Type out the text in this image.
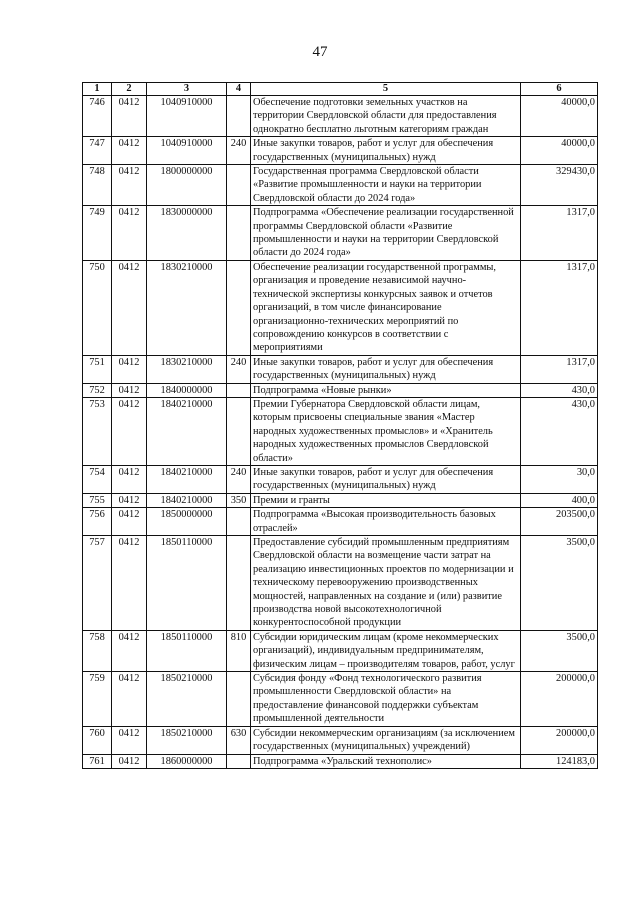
47
1	2	3	4	5	6
746	0412	1040910000		Обеспечение подготовки земельных участков на территории Свердловской области для предоставления однократно бесплатно льготным категориям граждан	40000,0
747	0412	1040910000	240	Иные закупки товаров, работ и услуг для обеспечения государственных (муниципальных) нужд	40000,0
748	0412	1800000000		Государственная программа Свердловской области «Развитие промышленности и науки на территории Свердловской области до 2024 года»	329430,0
749	0412	1830000000		Подпрограмма «Обеспечение реализации государственной программы Свердловской области «Развитие промышленности и науки на территории Свердловской области до 2024 года»	1317,0
750	0412	1830210000		Обеспечение реализации государственной программы, организация и проведение независимой научно-технической экспертизы конкурсных заявок и отчетов организаций, в том числе финансирование организационно-технических мероприятий по сопровождению конкурсов в соответствии с мероприятиями	1317,0
751	0412	1830210000	240	Иные закупки товаров, работ и услуг для обеспечения государственных (муниципальных) нужд	1317,0
752	0412	1840000000		Подпрограмма «Новые рынки»	430,0
753	0412	1840210000		Премии Губернатора Свердловской области лицам, которым присвоены специальные звания «Мастер народных художественных промыслов» и «Хранитель народных художественных промыслов Свердловской области»	430,0
754	0412	1840210000	240	Иные закупки товаров, работ и услуг для обеспечения государственных (муниципальных) нужд	30,0
755	0412	1840210000	350	Премии и гранты	400,0
756	0412	1850000000		Подпрограмма «Высокая производительность базовых отраслей»	203500,0
757	0412	1850110000		Предоставление субсидий промышленным предприятиям Свердловской области на возмещение части затрат на реализацию инвестиционных проектов по модернизации и техническому перевооружению производственных мощностей, направленных на создание и (или) развитие производства новой высокотехнологичной конкурентоспособной продукции	3500,0
758	0412	1850110000	810	Субсидии юридическим лицам (кроме некоммерческих организаций), индивидуальным предпринимателям, физическим лицам – производителям товаров, работ, услуг	3500,0
759	0412	1850210000		Субсидия фонду «Фонд технологического развития промышленности Свердловской области» на предоставление финансовой поддержки субъектам промышленной деятельности	200000,0
760	0412	1850210000	630	Субсидии некоммерческим организациям (за исключением государственных (муниципальных) учреждений)	200000,0
761	0412	1860000000		Подпрограмма «Уральский технополис»	124183,0
